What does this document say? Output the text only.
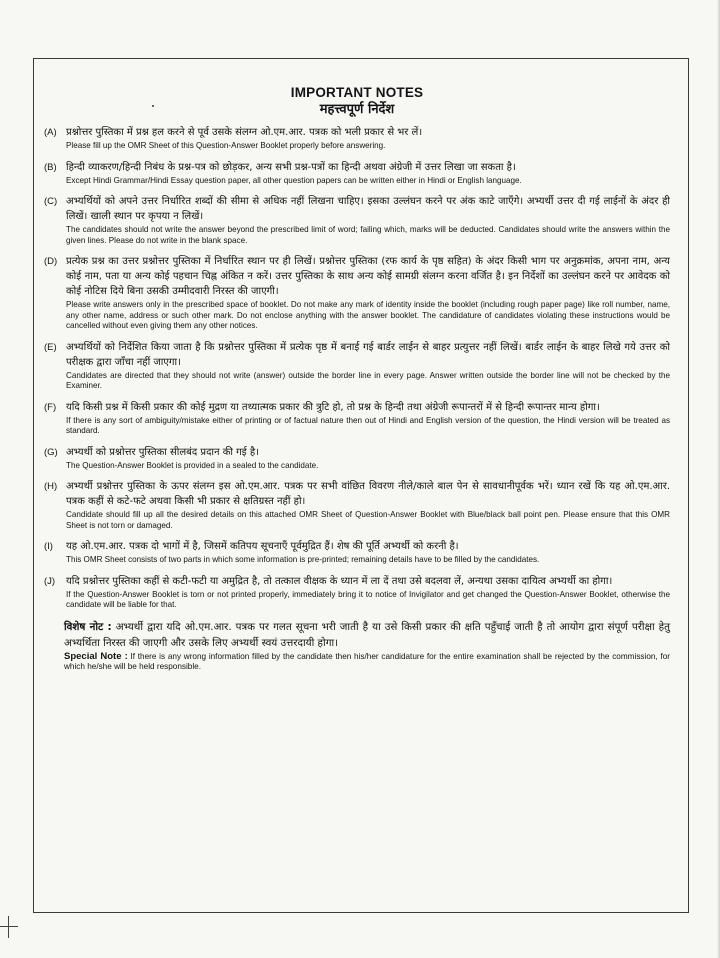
IMPORTANT NOTES
महत्त्वपूर्ण निर्देश
(A) प्रश्नोत्तर पुस्तिका में प्रश्न हल करने से पूर्व उसके संलग्न ओ.एम.आर. पत्रक को भली प्रकार से भर लें।
Please fill up the OMR Sheet of this Question-Answer Booklet properly before answering.
(B) हिन्दी व्याकरण/हिन्दी निबंध के प्रश्न-पत्र को छोड़कर, अन्य सभी प्रश्न-पत्रों का हिन्दी अथवा अंग्रेजी में उत्तर लिखा जा सकता है।
Except Hindi Grammar/Hindi Essay question paper, all other question papers can be written either in Hindi or English language.
(C) अभ्यर्थियों को अपने उत्तर निर्धारित शब्दों की सीमा से अधिक नहीं लिखना चाहिए। इसका उल्लंघन करने पर अंक काटे जाएँगे। अभ्यर्थी उत्तर दी गई लाईनों के अंदर ही लिखें। खाली स्थान पर कृपया न लिखें।
The candidates should not write the answer beyond the prescribed limit of word; failing which, marks will be deducted. Candidates should write the answers within the given lines. Please do not write in the blank space.
(D) प्रत्येक प्रश्न का उत्तर प्रश्नोत्तर पुस्तिका में निर्धारित स्थान पर ही लिखें। प्रश्नोत्तर पुस्तिका (रफ कार्य के पृष्ठ सहित) के अंदर किसी भाग पर अनुक्रमांक, अपना नाम, अन्य कोई नाम, पता या अन्य कोई पहचान चिह्न अंकित न करें। उत्तर पुस्तिका के साथ अन्य कोई सामग्री संलग्न करना वर्जित है। इन निर्देशों का उल्लंघन करने पर आवेदक को कोई नोटिस दिये बिना उसकी उम्मीदवारी निरस्त की जाएगी।
Please write answers only in the prescribed space of booklet. Do not make any mark of identity inside the booklet (including rough paper page) like roll number, name, any other name, address or such other mark. Do not enclose anything with the answer booklet. The candidature of candidates violating these instructions would be cancelled without even giving them any other notices.
(E) अभ्यर्थियों को निर्देशित किया जाता है कि प्रश्नोत्तर पुस्तिका में प्रत्येक पृष्ठ में बनाई गई बार्डर लाईन से बाहर प्रत्युत्तर नहीं लिखें। बार्डर लाईन के बाहर लिखे गये उत्तर को परीक्षक द्वारा जाँचा नहीं जाएगा।
Candidates are directed that they should not write (answer) outside the border line in every page. Answer written outside the border line will not be checked by the Examiner.
(F) यदि किसी प्रश्न में किसी प्रकार की कोई मुद्रण या तथ्यात्मक प्रकार की त्रुटि हो, तो प्रश्न के हिन्दी तथा अंग्रेजी रूपान्तरों में से हिन्दी रूपान्तर मान्य होगा।
If there is any sort of ambiguity/mistake either of printing or of factual nature then out of Hindi and English version of the question, the Hindi version will be treated as standard.
(G) अभ्यर्थी को प्रश्नोत्तर पुस्तिका सीलबंद प्रदान की गई है।
The Question-Answer Booklet is provided in a sealed to the candidate.
(H) अभ्यर्थी प्रश्नोत्तर पुस्तिका के ऊपर संलग्न इस ओ.एम.आर. पत्रक पर सभी वांछित विवरण नीले/काले बाल पेन से सावधानीपूर्वक भरें। ध्यान रखें कि यह ओ.एम.आर. पत्रक कहीं से कटे-फटे अथवा किसी भी प्रकार से क्षतिग्रस्त नहीं हो।
Candidate should fill up all the desired details on this attached OMR Sheet of Question-Answer Booklet with Blue/black ball point pen. Please ensure that this OMR Sheet is not torn or damaged.
(I)	यह ओ.एम.आर. पत्रक दो भागों में है, जिसमें कतिपय सूचनाएँ पूर्वमुद्रित हैं। शेष की पूर्ति अभ्यर्थी को करनी है।
This OMR Sheet consists of two parts in which some information is pre-printed; remaining details have to be filled by the candidates.
(J)	यदि प्रश्नोत्तर पुस्तिका कहीं से कटी-फटी या अमुद्रित है, तो तत्काल वीक्षक के ध्यान में ला दें तथा उसे बदलवा लें, अन्यथा उसका दायित्व अभ्यर्थी का होगा।
If the Question-Answer Booklet is torn or not printed properly, immediately bring it to notice of Invigilator and get changed the Question-Answer Booklet, otherwise the candidate will be liable for that.
विशेष नोट : अभ्यर्थी द्वारा यदि ओ.एम.आर. पत्रक पर गलत सूचना भरी जाती है या उसे किसी प्रकार की क्षति पहुँचाई जाती है तो आयोग द्वारा संपूर्ण परीक्षा हेतु अभ्यर्थिता निरस्त की जाएगी और उसके लिए अभ्यर्थी स्वयं उत्तरदायी होगा।
Special Note : If there is any wrong information filled by the candidate then his/her candidature for the entire examination shall be rejected by the commission, for which he/she will be held responsible.
